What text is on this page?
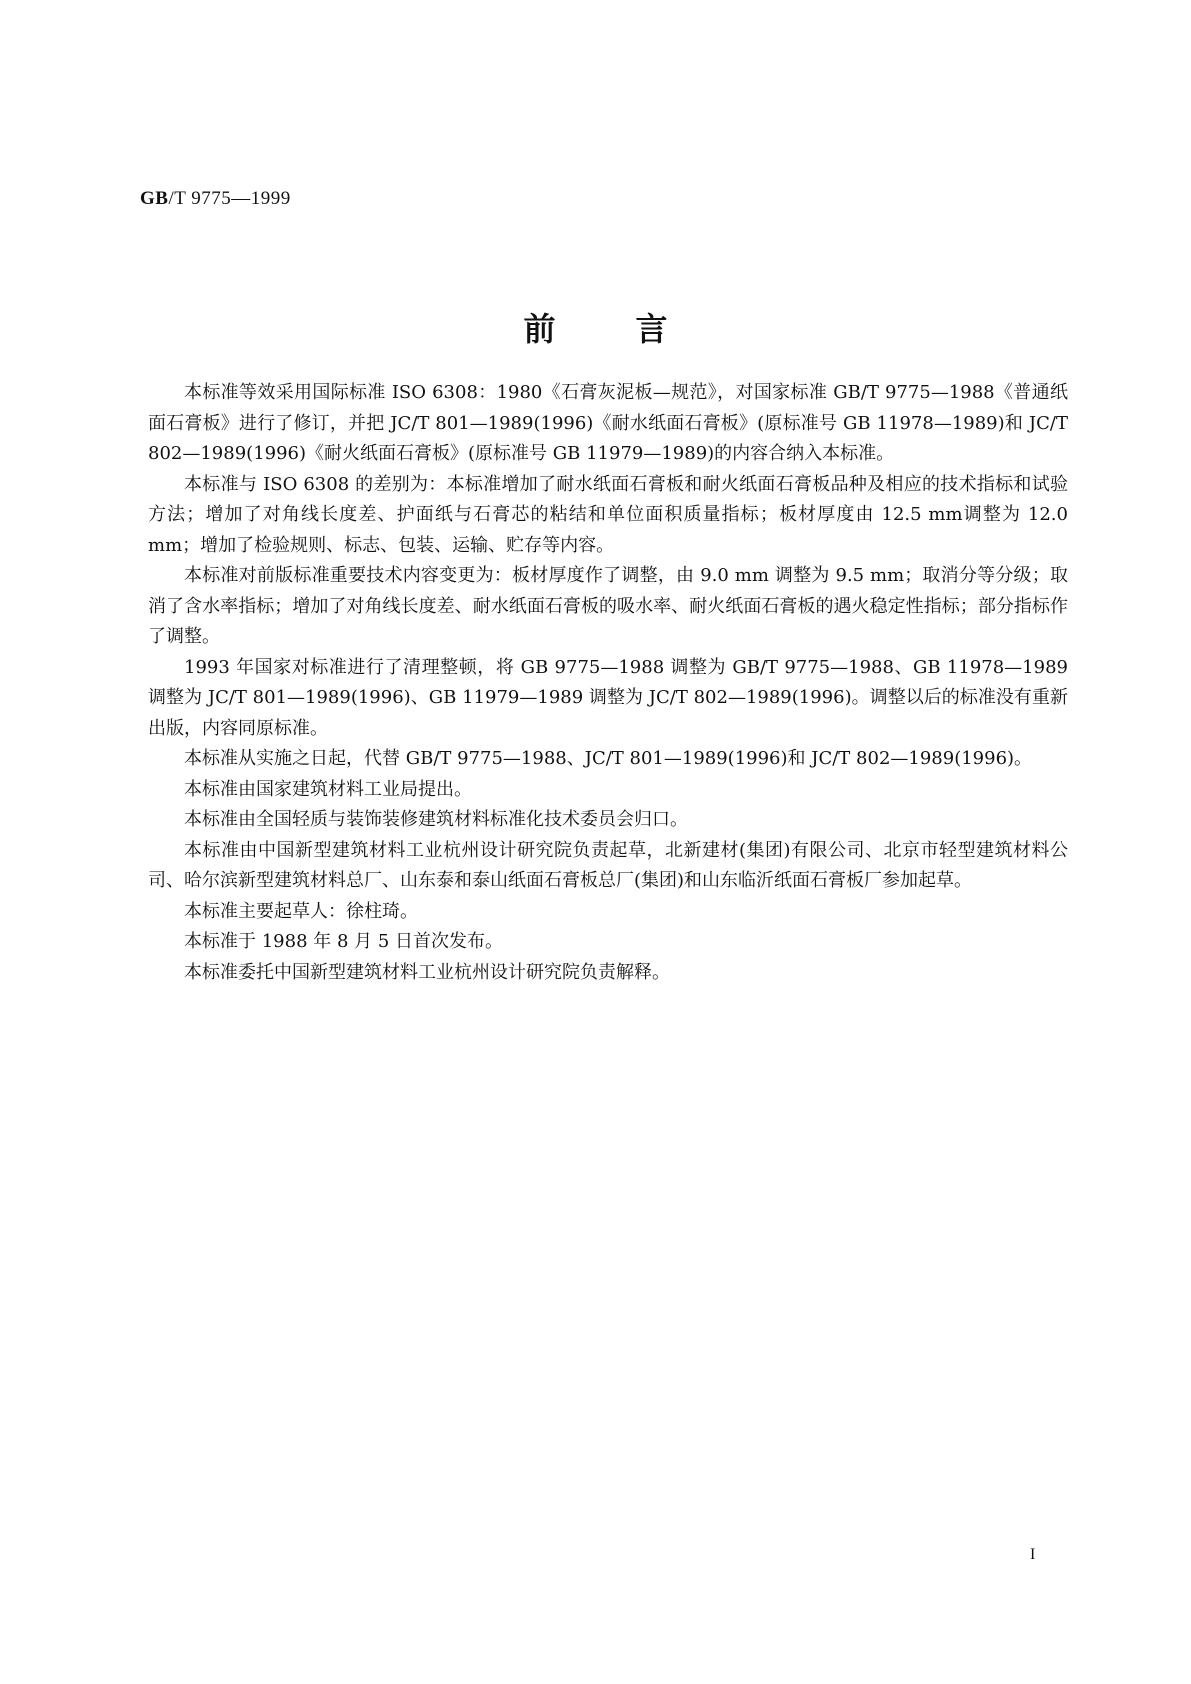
GB/T 9775—1999
前言

本标准等效采用国际标准 ISO 6308：1980《石膏灰泥板—规范》，对国家标准 GB/T 9775—1988《普通纸面石膏板》进行了修订，并把 JC/T 801—1989(1996)《耐水纸面石膏板》(原标准号 GB 11978—1989)和 JC/T 802—1989(1996)《耐火纸面石膏板》(原标准号 GB 11979—1989)的内容合纳入本标准。

本标准与 ISO 6308 的差别为：本标准增加了耐水纸面石膏板和耐火纸面石膏板品种及相应的技术指标和试验方法；增加了对角线长度差、护面纸与石膏芯的粘结和单位面积质量指标；板材厚度由 12.5 mm调整为 12.0 mm；增加了检验规则、标志、包装、运输、贮存等内容。

本标准对前版标准重要技术内容变更为：板材厚度作了调整，由 9.0 mm 调整为 9.5 mm；取消分等分级；取消了含水率指标；增加了对角线长度差、耐水纸面石膏板的吸水率、耐火纸面石膏板的遇火稳定性指标；部分指标作了调整。

1993 年国家对标准进行了清理整顿，将 GB 9775—1988 调整为 GB/T 9775—1988、GB 11978—1989 调整为 JC/T 801—1989(1996)、GB 11979—1989 调整为 JC/T 802—1989(1996)。调整以后的标准没有重新出版，内容同原标准。

本标准从实施之日起，代替 GB/T 9775—1988、JC/T 801—1989(1996)和 JC/T 802—1989(1996)。

本标准由国家建筑材料工业局提出。

本标准由全国轻质与装饰装修建筑材料标准化技术委员会归口。

本标准由中国新型建筑材料工业杭州设计研究院负责起草，北新建材(集团)有限公司、北京市轻型建筑材料公司、哈尔滨新型建筑材料总厂、山东泰和泰山纸面石膏板总厂(集团)和山东临沂纸面石膏板厂参加起草。

本标准主要起草人：徐柱琦。

本标准于 1988 年 8 月 5 日首次发布。

本标准委托中国新型建筑材料工业杭州设计研究院负责解释。

I
